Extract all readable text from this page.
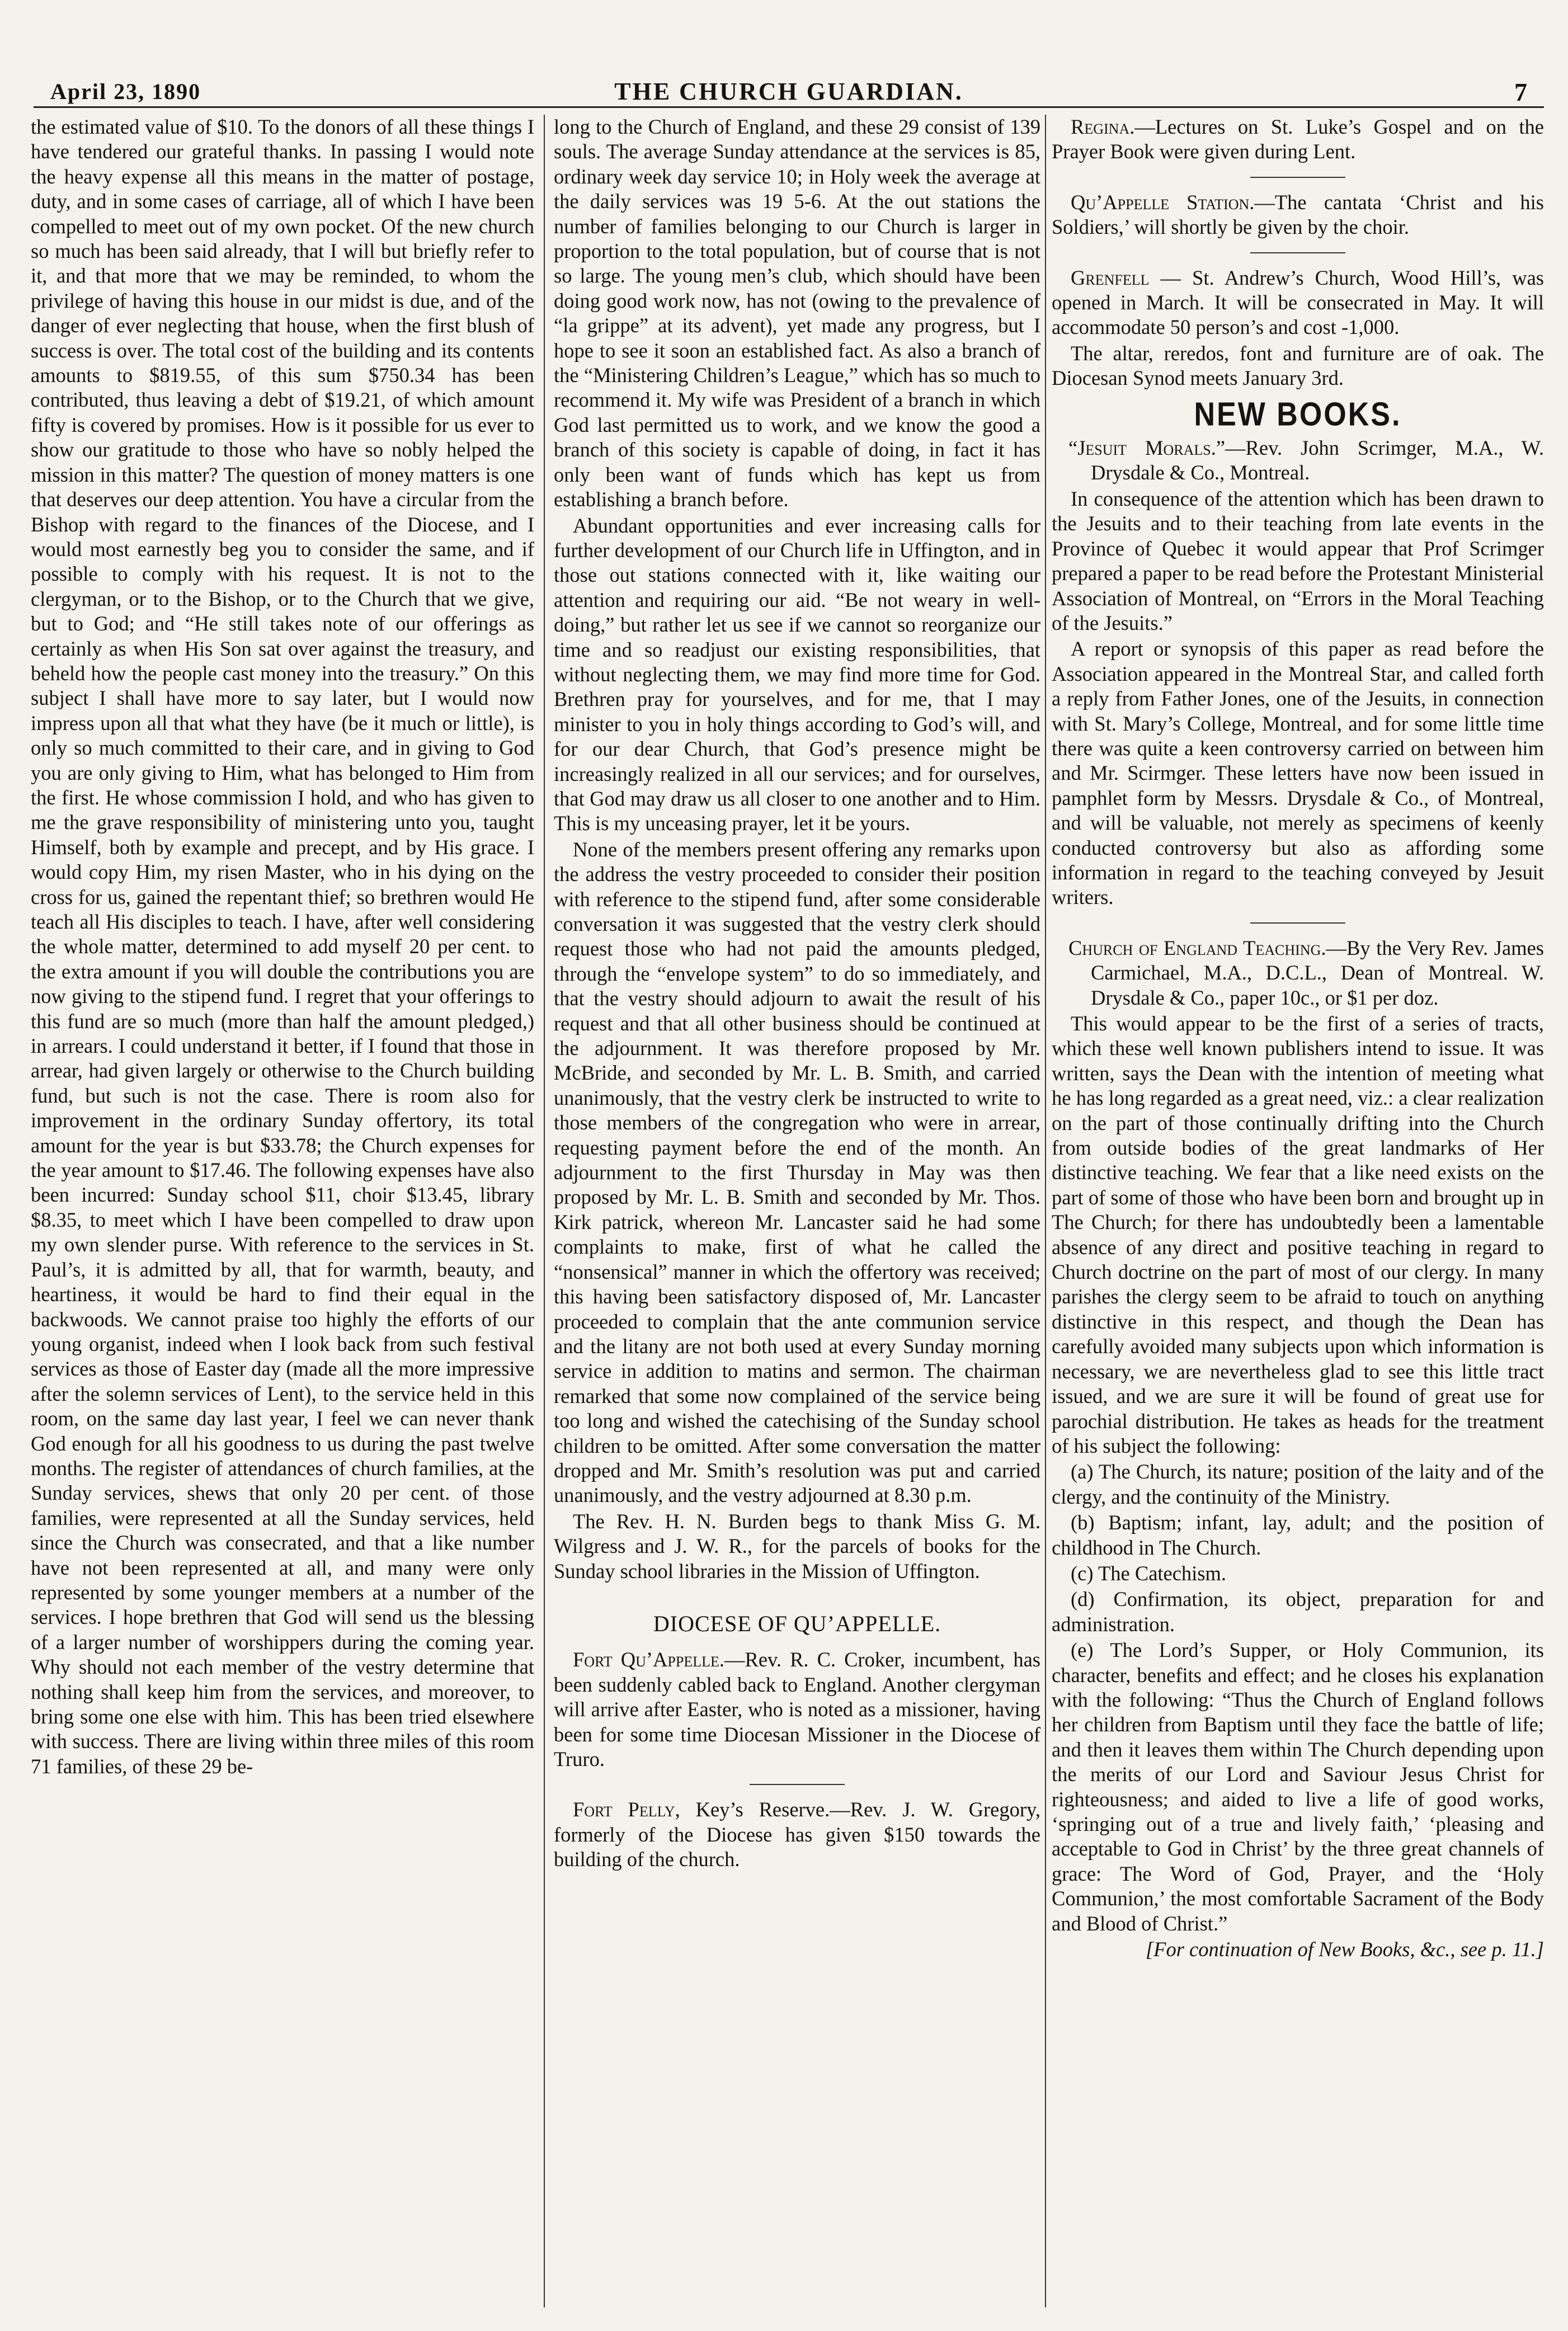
April 23, 1890	THE CHURCH GUARDIAN.	7

the estimated value of $10. To the donors of all these things I have tendered our grateful thanks. In passing I would note the heavy expense all this means in the matter of postage, duty, and in some cases of carriage, all of which I have been compelled to meet out of my own pocket. Of the new church so much has been said already, that I will but briefly refer to it, and that more that we may be reminded, to whom the privilege of having this house in our midst is due, and of the danger of ever neglecting that house, when the first blush of success is over. The total cost of the building and its contents amounts to $819.55, of this sum $750.34 has been contributed, thus leaving a debt of $19.21, of which amount fifty is covered by promises. How is it possible for us ever to show our gratitude to those who have so nobly helped the mission in this matter? The question of money matters is one that deserves our deep attention. You have a circular from the Bishop with regard to the finances of the Diocese, and I would most earnestly beg you to consider the same, and if possible to comply with his request. It is not to the clergyman, or to the Bishop, or to the Church that we give, but to God; and “He still takes note of our offerings as certainly as when His Son sat over against the treasury, and beheld how the people cast money into the treasury.” On this subject I shall have more to say later, but I would now impress upon all that what they have (be it much or little), is only so much committed to their care, and in giving to God you are only giving to Him, what has belonged to Him from the first. He whose commission I hold, and who has given to me the grave responsibility of ministering unto you, taught Himself, both by example and precept, and by His grace. I would copy Him, my risen Master, who in his dying on the cross for us, gained the repentant thief; so brethren would He teach all His disciples to teach. I have, after well considering the whole matter, determined to add myself 20 per cent. to the extra amount if you will double the contributions you are now giving to the stipend fund. I regret that your offerings to this fund are so much (more than half the amount pledged,) in arrears. I could understand it better, if I found that those in arrear, had given largely or otherwise to the Church building fund, but such is not the case. There is room also for improvement in the ordinary Sunday offertory, its total amount for the year is but $33.78; the Church expenses for the year amount to $17.46. The following expenses have also been incurred: Sunday school $11, choir $13.45, library $8.35, to meet which I have been compelled to draw upon my own slender purse. With reference to the services in St. Paul’s, it is admitted by all, that for warmth, beauty, and heartiness, it would be hard to find their equal in the backwoods. We cannot praise too highly the efforts of our young organist, indeed when I look back from such festival services as those of Easter day (made all the more impressive after the solemn services of Lent), to the service held in this room, on the same day last year, I feel we can never thank God enough for all his goodness to us during the past twelve months. The register of attendances of church families, at the Sunday services, shews that only 20 per cent. of those families, were represented at all the Sunday services, held since the Church was consecrated, and that a like number have not been represented at all, and many were only represented by some younger members at a number of the services. I hope brethren that God will send us the blessing of a larger number of worshippers during the coming year. Why should not each member of the vestry determine that nothing shall keep him from the services, and moreover, to bring some one else with him. This has been tried elsewhere with success. There are living within three miles of this room 71 families, of these 29 be-

long to the Church of England, and these 29 consist of 139 souls. The average Sunday attendance at the services is 85, ordinary week day service 10; in Holy week the average at the daily services was 19 5-6. At the out stations the number of families belonging to our Church is larger in proportion to the total population, but of course that is not so large. The young men’s club, which should have been doing good work now, has not (owing to the prevalence of “la grippe” at its advent), yet made any progress, but I hope to see it soon an established fact. As also a branch of the “Ministering Children’s League,” which has so much to recommend it. My wife was President of a branch in which God last permitted us to work, and we know the good a branch of this society is capable of doing, in fact it has only been want of funds which has kept us from establishing a branch before.

Abundant opportunities and ever increasing calls for further development of our Church life in Uffington, and in those out stations connected with it, like waiting our attention and requiring our aid. “Be not weary in well-doing,” but rather let us see if we cannot so reorganize our time and so readjust our existing responsibilities, that without neglecting them, we may find more time for God. Brethren pray for yourselves, and for me, that I may minister to you in holy things according to God’s will, and for our dear Church, that God’s presence might be increasingly realized in all our services; and for ourselves, that God may draw us all closer to one another and to Him. This is my unceasing prayer, let it be yours.

None of the members present offering any remarks upon the address the vestry proceeded to consider their position with reference to the stipend fund, after some considerable conversation it was suggested that the vestry clerk should request those who had not paid the amounts pledged, through the “envelope system” to do so immediately, and that the vestry should adjourn to await the result of his request and that all other business should be continued at the adjournment. It was therefore proposed by Mr. McBride, and seconded by Mr. L. B. Smith, and carried unanimously, that the vestry clerk be instructed to write to those members of the congregation who were in arrear, requesting payment before the end of the month. An adjournment to the first Thursday in May was then proposed by Mr. L. B. Smith and seconded by Mr. Thos. Kirk patrick, whereon Mr. Lancaster said he had some complaints to make, first of what he called the “nonsensical” manner in which the offertory was received; this having been satisfactory disposed of, Mr. Lancaster proceeded to complain that the ante communion service and the litany are not both used at every Sunday morning service in addition to matins and sermon. The chairman remarked that some now complained of the service being too long and wished the catechising of the Sunday school children to be omitted. After some conversation the matter dropped and Mr. Smith’s resolution was put and carried unanimously, and the vestry adjourned at 8.30 p.m.

The Rev. H. N. Burden begs to thank Miss G. M. Wilgress and J. W. R., for the parcels of books for the Sunday school libraries in the Mission of Uffington.

DIOCESE OF QU’APPELLE.

Fort Qu’Appelle.—Rev. R. C. Croker, incumbent, has been suddenly cabled back to England. Another clergyman will arrive after Easter, who is noted as a missioner, having been for some time Diocesan Missioner in the Diocese of Truro.

Fort Pelly, Key’s Reserve.—Rev. J. W. Gregory, formerly of the Diocese has given $150 towards the building of the church.

Regina.—Lectures on St. Luke’s Gospel and on the Prayer Book were given during Lent.

Qu’Appelle Station.—The cantata ‘Christ and his Soldiers,’ will shortly be given by the choir.

Grenfell — St. Andrew’s Church, Wood Hill’s, was opened in March. It will be consecrated in May. It will accommodate 50 person’s and cost -1,000.

The altar, reredos, font and furniture are of oak. The Diocesan Synod meets January 3rd.

NEW BOOKS.

“Jesuit Morals.”—Rev. John Scrimger, M.A., W. Drysdale & Co., Montreal.

In consequence of the attention which has been drawn to the Jesuits and to their teaching from late events in the Province of Quebec it would appear that Prof Scrimger prepared a paper to be read before the Protestant Ministerial Association of Montreal, on “Errors in the Moral Teaching of the Jesuits.”

A report or synopsis of this paper as read before the Association appeared in the Montreal Star, and called forth a reply from Father Jones, one of the Jesuits, in connection with St. Mary’s College, Montreal, and for some little time there was quite a keen controversy carried on between him and Mr. Scirmger. These letters have now been issued in pamphlet form by Messrs. Drysdale & Co., of Montreal, and will be valuable, not merely as specimens of keenly conducted controversy but also as affording some information in regard to the teaching conveyed by Jesuit writers.

Church of England Teaching.—By the Very Rev. James Carmichael, M.A., D.C.L., Dean of Montreal. W. Drysdale & Co., paper 10c., or $1 per doz.

This would appear to be the first of a series of tracts, which these well known publishers intend to issue. It was written, says the Dean with the intention of meeting what he has long regarded as a great need, viz.: a clear realization on the part of those continually drifting into the Church from outside bodies of the great landmarks of Her distinctive teaching. We fear that a like need exists on the part of some of those who have been born and brought up in The Church; for there has undoubtedly been a lamentable absence of any direct and positive teaching in regard to Church doctrine on the part of most of our clergy. In many parishes the clergy seem to be afraid to touch on anything distinctive in this respect, and though the Dean has carefully avoided many subjects upon which information is necessary, we are nevertheless glad to see this little tract issued, and we are sure it will be found of great use for parochial distribution. He takes as heads for the treatment of his subject the following:

(a) The Church, its nature; position of the laity and of the clergy, and the continuity of the Ministry.

(b) Baptism; infant, lay, adult; and the position of childhood in The Church.

(c) The Catechism.

(d) Confirmation, its object, preparation for and administration.

(e) The Lord’s Supper, or Holy Communion, its character, benefits and effect; and he closes his explanation with the following: “Thus the Church of England follows her children from Baptism until they face the battle of life; and then it leaves them within The Church depending upon the merits of our Lord and Saviour Jesus Christ for righteousness; and aided to live a life of good works, ‘springing out of a true and lively faith,’ ‘pleasing and acceptable to God in Christ’ by the three great channels of grace: The Word of God, Prayer, and the ‘Holy Communion,’ the most comfortable Sacrament of the Body and Blood of Christ.”

[For continuation of New Books, &c., see p. 11.]
